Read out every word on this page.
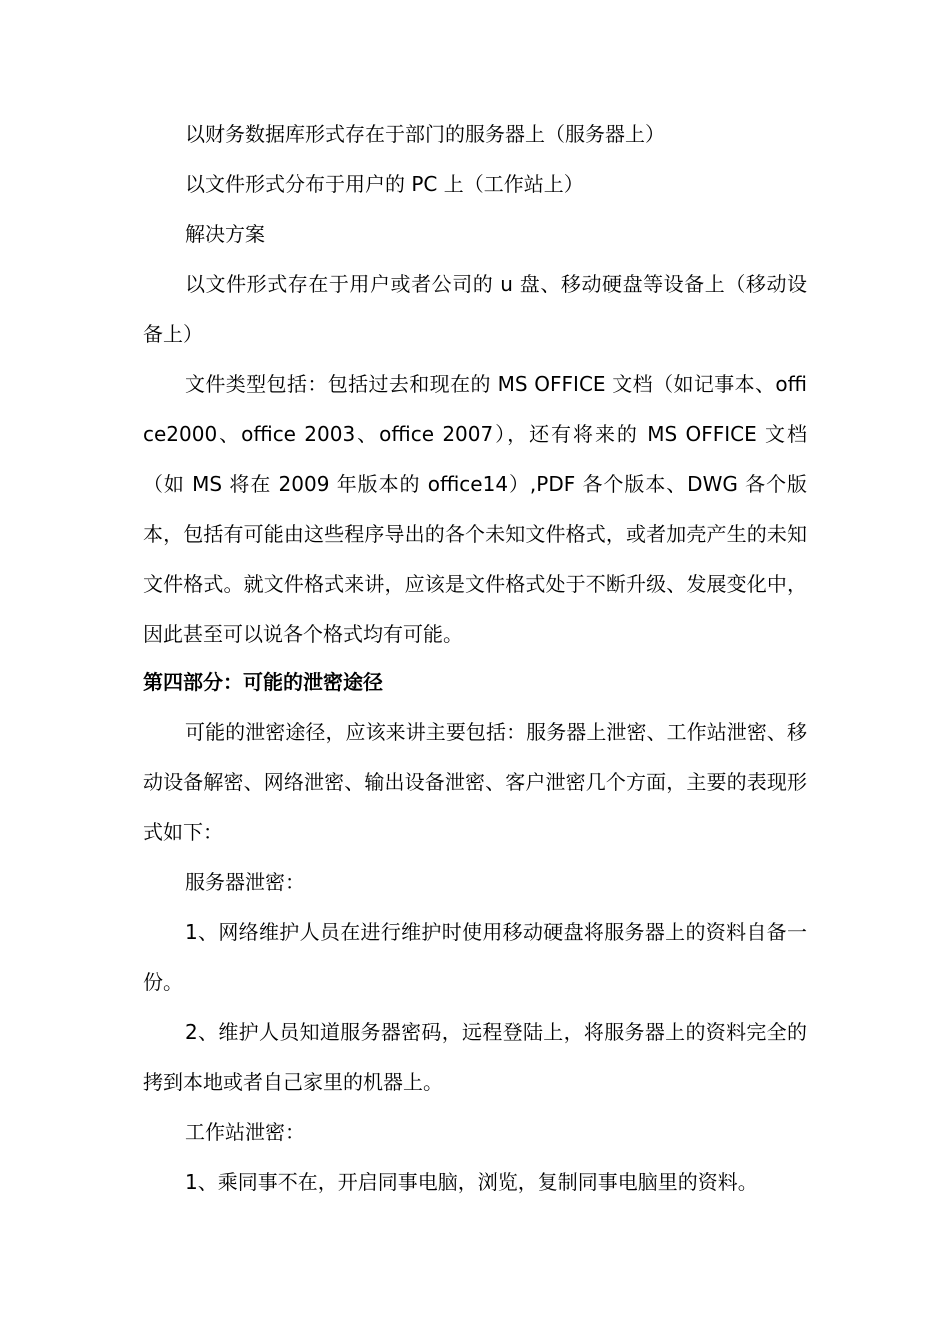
以财务数据库形式存在于部门的服务器上（服务器上）

以文件形式分布于用户的 PC 上（工作站上）

解决方案

以文件形式存在于用户或者公司的 u 盘、移动硬盘等设备上（移动设备上）

文件类型包括：包括过去和现在的 MS OFFICE 文档（如记事本、office2000、office 2003、office 2007），还有将来的 MS OFFICE 文档（如 MS 将在 2009 年版本的 office14）,PDF 各个版本、DWG 各个版本，包括有可能由这些程序导出的各个未知文件格式，或者加壳产生的未知文件格式。就文件格式来讲，应该是文件格式处于不断升级、发展变化中，因此甚至可以说各个格式均有可能。

第四部分：可能的泄密途径

可能的泄密途径，应该来讲主要包括：服务器上泄密、工作站泄密、移动设备解密、网络泄密、输出设备泄密、客户泄密几个方面，主要的表现形式如下：

服务器泄密：

1、网络维护人员在进行维护时使用移动硬盘将服务器上的资料自备一份。

2、维护人员知道服务器密码，远程登陆上，将服务器上的资料完全的拷到本地或者自己家里的机器上。

工作站泄密：

1、乘同事不在，开启同事电脑，浏览，复制同事电脑里的资料。
